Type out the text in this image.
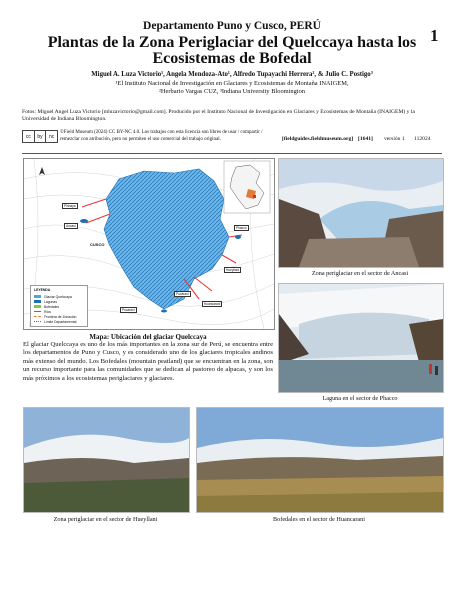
Departamento Puno y Cusco, PERÚ	1
Plantas de la Zona Periglaciar del Quelccaya hasta los Ecosistemas de Bofedal
Miguel A. Luza Victorio¹, Angela Mendoza-Ato¹, Alfredo Tupayachi Herrera², & Julio C. Postigo³
¹El Instituto Nacional de Investigación en Glaciares y Ecosistemas de Montaña INAIGEM,
²Herbario Vargas CUZ, ³Indiana University Bloomington
Fotos: Miguel Angel Luza Victorio [mluzavictorio@gmail.com]. Producido por el Instituto Nacional de Investigación en Glaciares y Ecosistemas de Montaña (INAIGEM) y la Universidad de Indiana Bloomington.
cc	by	nc
©Field Museum (2024) CC BY-NC 4.0. Los trabajos con esta licencia son libres de usar / compartir / remezclar con atribución, pero no permiten el uso comercial del trabajo original.	[fieldguides.fieldmuseum.org] [1641] versión 1 112024
CUSCO
Phinaya
Ancasi	Phacco
Hueyllani
Huancarani
Pucarani
Pucarani
LEYENDA
Glaciar Quelccaya
Lagunas
Bofedales
Ríos
Frontera de Zonación
Límite Departamental
Mapa: Ubicación del glaciar Quelccaya
El glaciar Quelccaya es uno de los más importantes en la zona sur de Perú, se encuentra entre los departamentos de Puno y Cusco, y es considerado uno de los glaciares tropicales andinos más extenso del mundo. Los Bofedales (mountain peatland) que se encuentran en la zona, son un recurso importante para las comunidades que se dedican al pastoreo de alpacas, y son los más próximos a los ecosistemas periglaciares y glaciares.
Zona periglaciar en el sector de Ancasi
Laguna en el sector de Phacco
Zona periglaciar en el sector de Hueyllani	Bofedales en el sector de Huancarani
